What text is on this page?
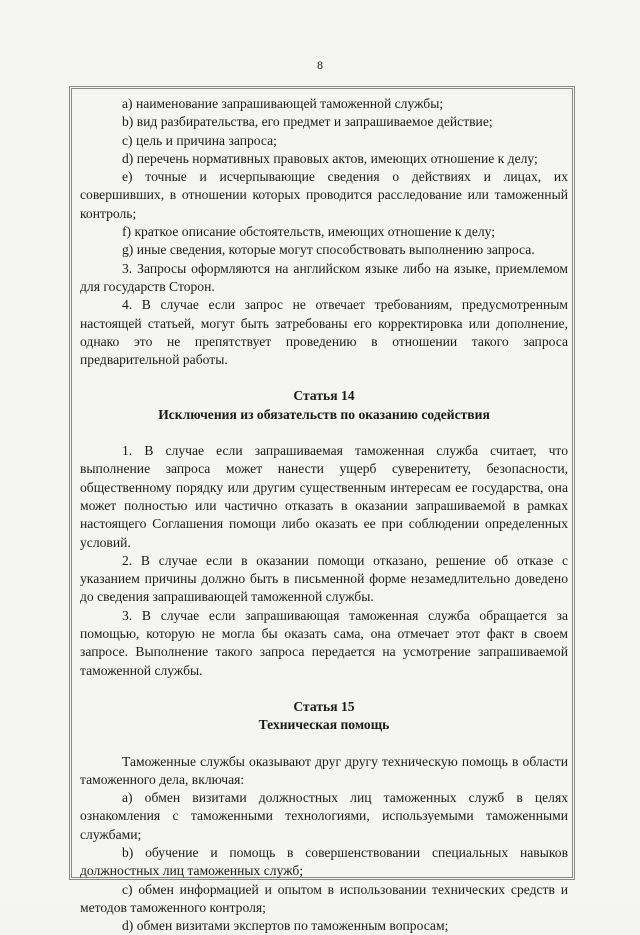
8

а) наименование запрашивающей таможенной службы;

b) вид разбирательства, его предмет и запрашиваемое действие;

c) цель и причина запроса;

d) перечень нормативных правовых актов, имеющих отношение к делу;

e) точные и исчерпывающие сведения о действиях и лицах, их совершивших, в отношении которых проводится расследование или таможенный контроль;

f) краткое описание обстоятельств, имеющих отношение к делу;

g) иные сведения, которые могут способствовать выполнению запроса.

3. Запросы оформляются на английском языке либо на языке, приемлемом для государств Сторон.

4. В случае если запрос не отвечает требованиям, предусмотренным настоящей статьей, могут быть затребованы его корректировка или дополнение, однако это не препятствует проведению в отношении такого запроса предварительной работы.

Статья 14

Исключения из обязательств по оказанию содействия

1. В случае если запрашиваемая таможенная служба считает, что выполнение запроса может нанести ущерб суверенитету, безопасности, общественному порядку или другим существенным интересам ее государства, она может полностью или частично отказать в оказании запрашиваемой в рамках настоящего Соглашения помощи либо оказать ее при соблюдении определенных условий.

2. В случае если в оказании помощи отказано, решение об отказе с указанием причины должно быть в письменной форме незамедлительно доведено до сведения запрашивающей таможенной службы.

3. В случае если запрашивающая таможенная служба обращается за помощью, которую не могла бы оказать сама, она отмечает этот факт в своем запросе. Выполнение такого запроса передается на усмотрение запрашиваемой таможенной службы.

Статья 15

Техническая помощь

Таможенные службы оказывают друг другу техническую помощь в области таможенного дела, включая:

а) обмен визитами должностных лиц таможенных служб в целях ознакомления с таможенными технологиями, используемыми таможенными службами;

b) обучение и помощь в совершенствовании специальных навыков должностных лиц таможенных служб;

c) обмен информацией и опытом в использовании технических средств и методов таможенного контроля;

d) обмен визитами экспертов по таможенным вопросам;
